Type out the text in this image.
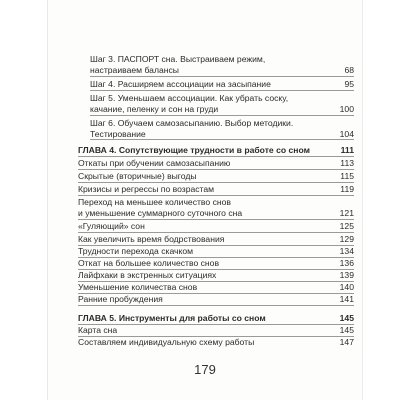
Шаг 3. ПАСПОРТ сна. Выстраиваем режим,
настраиваем балансы	68
Шаг 4. Расширяем ассоциации на засыпание	95
Шаг 5. Уменьшаем ассоциации. Как убрать соску,
качание, пеленку и сон на груди	100
Шаг 6. Обучаем самозасыпанию. Выбор методики.
Тестирование	104
ГЛАВА 4. Сопутствующие трудности в работе со сном	111
Откаты при обучении самозасыпанию	113
Скрытые (вторичные) выгоды	115
Кризисы и регрессы по возрастам	119
Переход на меньшее количество снов
и уменьшение суммарного суточного сна	121
«Гуляющий» сон	125
Как увеличить время бодрствования	129
Трудности перехода скачком	134
Откат на большее количество снов	136
Лайфхаки в экстренных ситуациях	139
Уменьшение количества снов	140
Ранние пробуждения	141
ГЛАВА 5. Инструменты для работы со сном	145
Карта сна	145
Составляем индивидуальную схему работы	147
179
